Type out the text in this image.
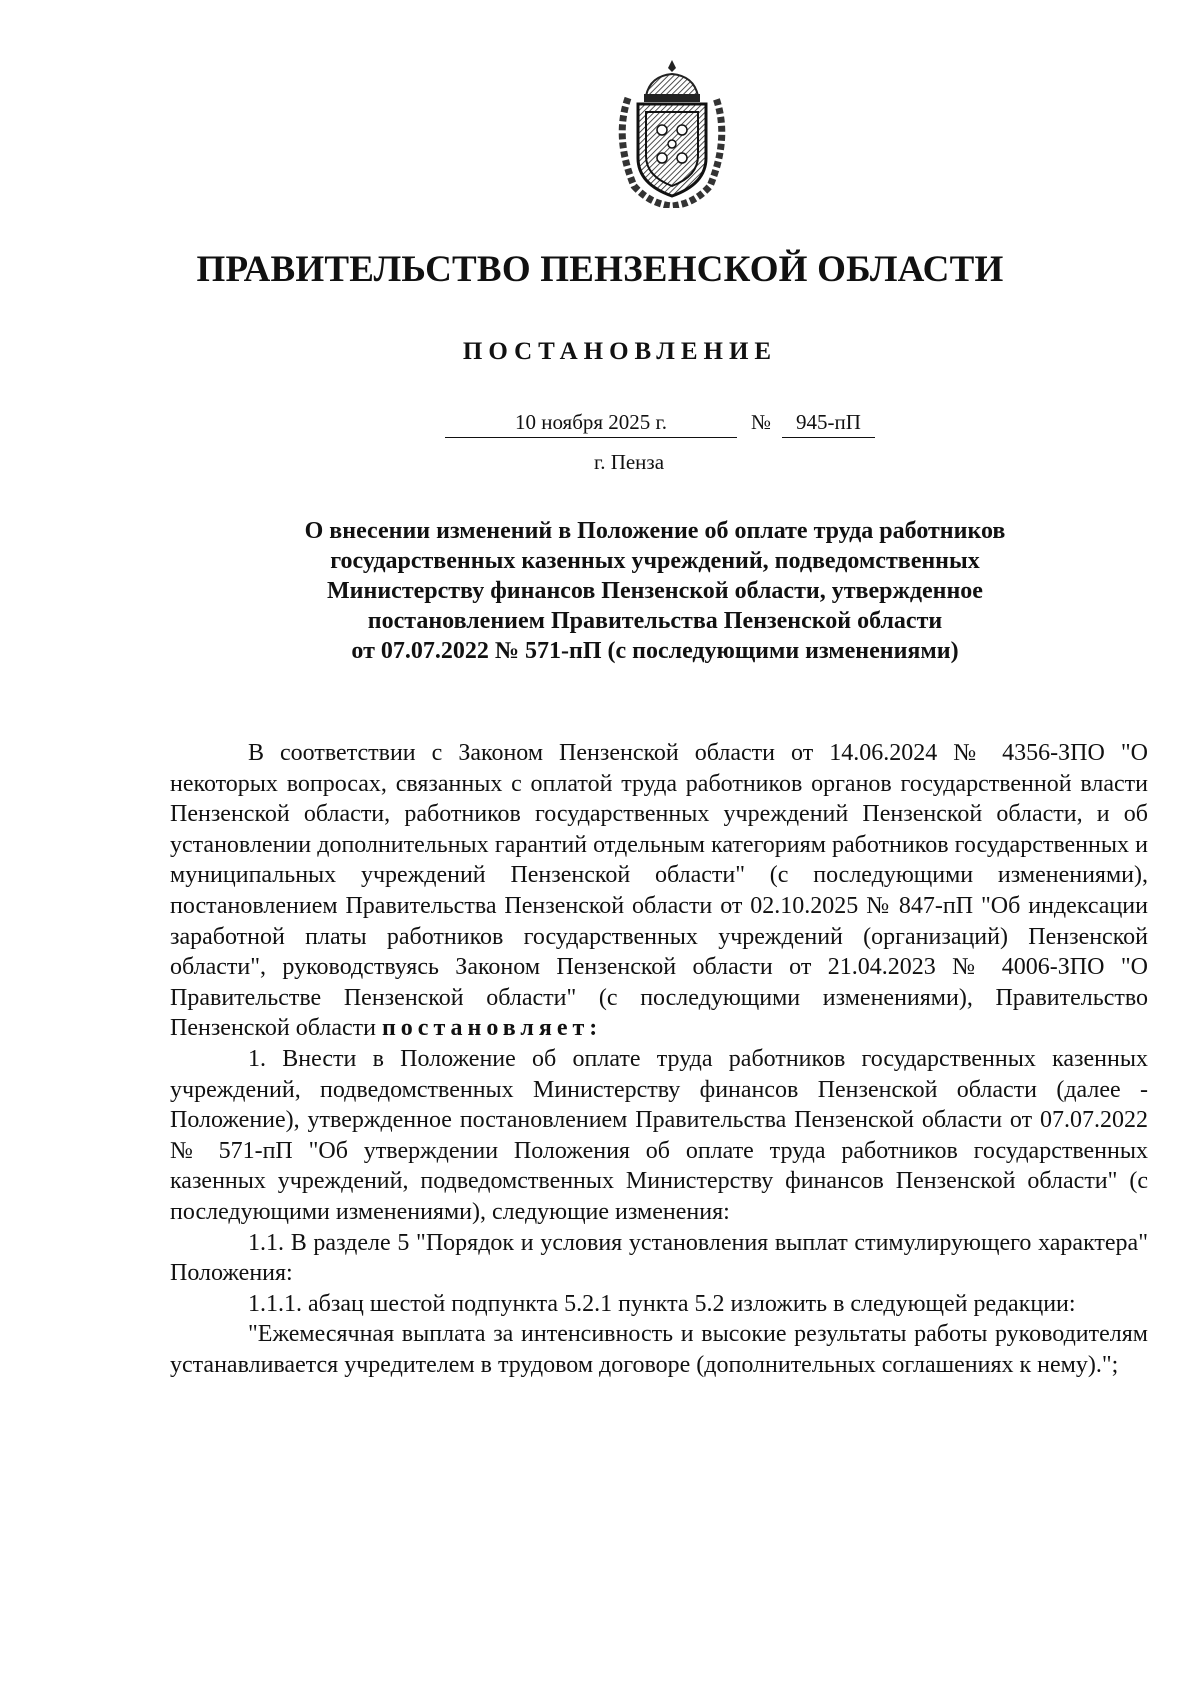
ПРАВИТЕЛЬСТВО ПЕНЗЕНСКОЙ ОБЛАСТИ
ПОСТАНОВЛЕНИЕ
10 ноября 2025 г.	№	945-пП
г. Пенза
О внесении изменений в Положение об оплате труда работников
государственных казенных учреждений, подведомственных
Министерству финансов Пензенской области, утвержденное
постановлением Правительства Пензенской области
от 07.07.2022 № 571-пП (с последующими изменениями)

В соответствии с Законом Пензенской области от 14.06.2024 № 4356-ЗПО "О некоторых вопросах, связанных с оплатой труда работников органов государственной власти Пензенской области, работников государственных учреждений Пензенской области, и об установлении дополнительных гарантий отдельным категориям работников государственных и муниципальных учреждений Пензенской области" (с последующими изменениями), постановлением Правительства Пензенской области от 02.10.2025 № 847-пП "Об индексации заработной платы работников государственных учреждений (организаций) Пензенской области", руководствуясь Законом Пензенской области от 21.04.2023 № 4006-ЗПО "О Правительстве Пензенской области" (с последующими изменениями), Правительство Пензенской области постановляет:

1. Внести в Положение об оплате труда работников государственных казенных учреждений, подведомственных Министерству финансов Пензенской области (далее - Положение), утвержденное постановлением Правительства Пензенской области от 07.07.2022 № 571-пП "Об утверждении Положения об оплате труда работников государственных казенных учреждений, подведомственных Министерству финансов Пензенской области" (с последующими изменениями), следующие изменения:

1.1. В разделе 5 "Порядок и условия установления выплат стимулирующего характера" Положения:

1.1.1. абзац шестой подпункта 5.2.1 пункта 5.2 изложить в следующей редакции:

"Ежемесячная выплата за интенсивность и высокие результаты работы руководителям устанавливается учредителем в трудовом договоре (дополнительных соглашениях к нему).";
